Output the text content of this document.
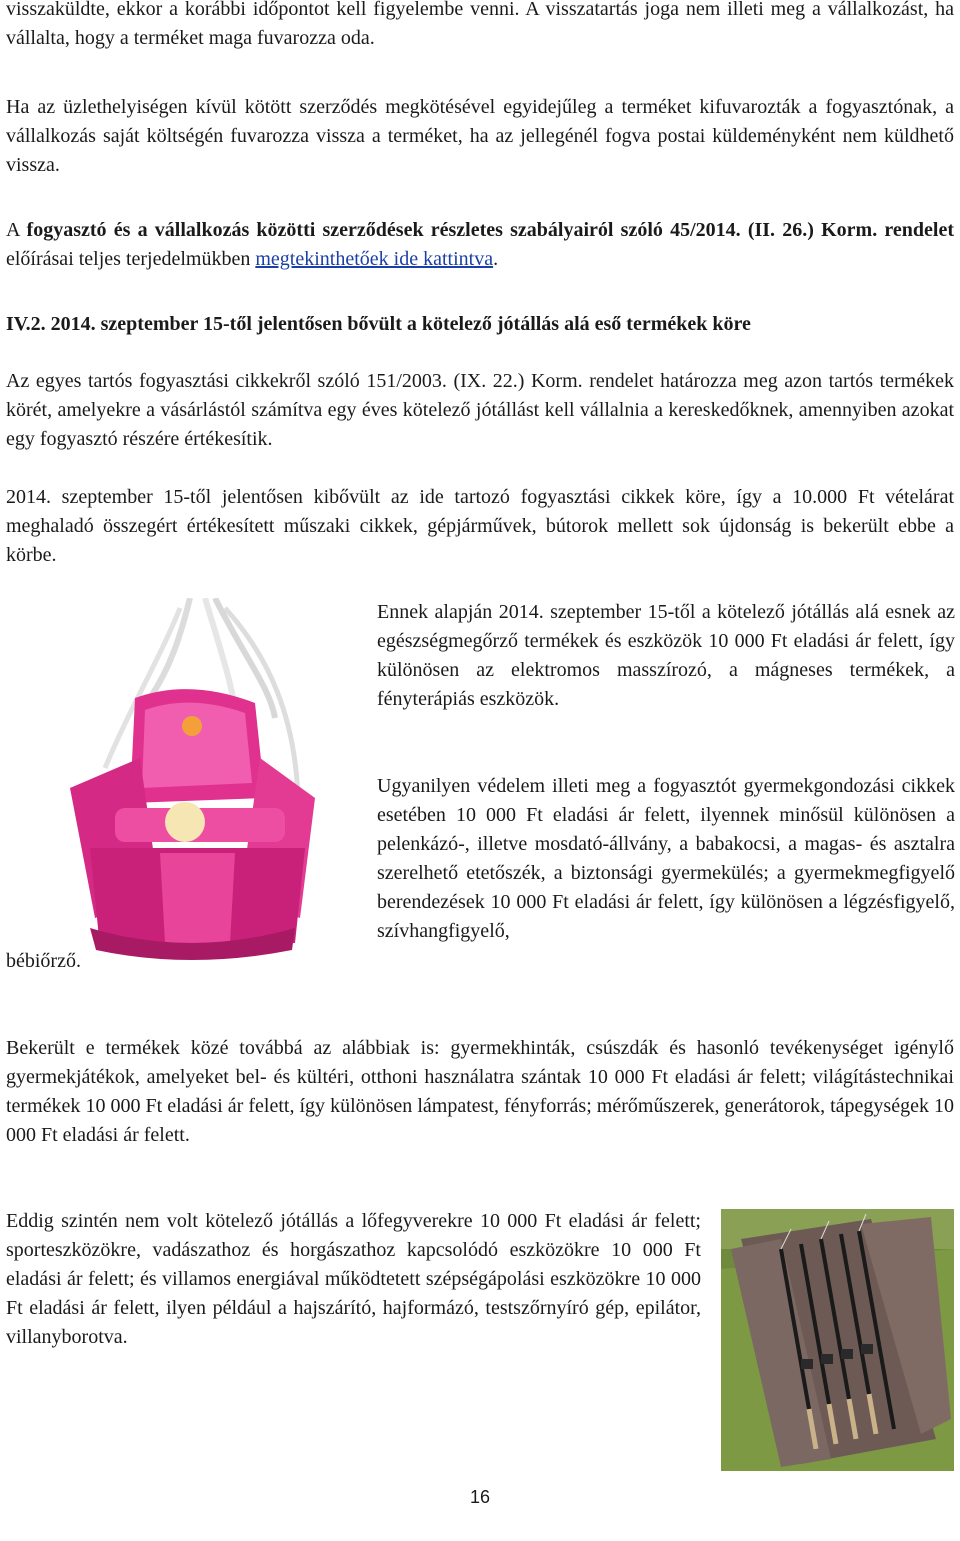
visszaküldte, ekkor a korábbi időpontot kell figyelembe venni. A visszatartás joga nem illeti meg a vállalkozást, ha vállalta, hogy a terméket maga fuvarozza oda.

Ha az üzlethelyiségen kívül kötött szerződés megkötésével egyidejűleg a terméket kifuvarozták a fogyasztónak, a vállalkozás saját költségén fuvarozza vissza a terméket, ha az jellegénél fogva postai küldeményként nem küldhető vissza.

A fogyasztó és a vállalkozás közötti szerződések részletes szabályairól szóló 45/2014. (II. 26.) Korm. rendelet előírásai teljes terjedelmükben megtekinthetőek ide kattintva.

IV.2. 2014. szeptember 15-től jelentősen bővült a kötelező jótállás alá eső termékek köre

Az egyes tartós fogyasztási cikkekről szóló 151/2003. (IX. 22.) Korm. rendelet határozza meg azon tartós termékek körét, amelyekre a vásárlástól számítva egy éves kötelező jótállást kell vállalnia a kereskedőknek, amennyiben azokat egy fogyasztó részére értékesítik.

2014. szeptember 15-től jelentősen kibővült az ide tartozó fogyasztási cikkek köre, így a 10.000 Ft vételárat meghaladó összegért értékesített műszaki cikkek, gépjárművek, bútorok mellett sok újdonság is bekerült ebbe a körbe.

Ennek alapján 2014. szeptember 15-től a kötelező jótállás alá esnek az egészségmegőrző termékek és eszközök 10 000 Ft eladási ár felett, így különösen az elektromos masszírozó, a mágneses termékek, a fényterápiás eszközök.

Ugyanilyen védelem illeti meg a fogyasztót gyermekgondozási cikkek esetében 10 000 Ft eladási ár felett, ilyennek minősül különösen a pelenkázó-, illetve mosdató-állvány, a babakocsi, a magas- és asztalra szerelhető etetőszék, a biztonsági gyermekülés; a gyermekmegfigyelő berendezések 10 000 Ft eladási ár felett, így különösen a légzésfigyelő, szívhangfigyelő,

bébiőrző.

Bekerült e termékek közé továbbá az alábbiak is: gyermekhinták, csúszdák és hasonló tevékenységet igénylő gyermekjátékok, amelyeket bel- és kültéri, otthoni használatra szántak 10 000 Ft eladási ár felett; világítástechnikai termékek 10 000 Ft eladási ár felett, így különösen lámpatest, fényforrás; mérőműszerek, generátorok, tápegységek 10 000 Ft eladási ár felett.

Eddig szintén nem volt kötelező jótállás a lőfegyverekre 10 000 Ft eladási ár felett; sporteszközökre, vadászathoz és horgászathoz kapcsolódó eszközökre 10 000 Ft eladási ár felett; és villamos energiával működtetett szépségápolási eszközökre 10 000 Ft eladási ár felett, ilyen például a hajszárító, hajformázó, testszőrnyíró gép, epilátor, villanyborotva.

16
